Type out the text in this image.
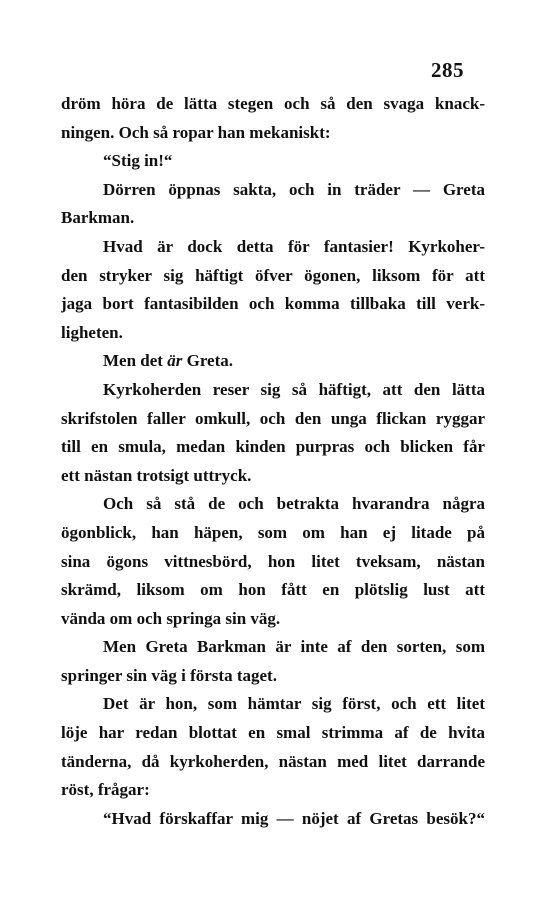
285
dröm höra de lätta stegen och så den svaga knack-
ningen. Och så ropar han mekaniskt:
“Stig in!“
Dörren öppnas sakta, och in träder — Greta
Barkman.
Hvad är dock detta för fantasier! Kyrkoher-
den stryker sig häftigt öfver ögonen, liksom för att
jaga bort fantasibilden och komma tillbaka till verk-
ligheten.
Men det är Greta.
Kyrkoherden reser sig så häftigt, att den lätta
skrifstolen faller omkull, och den unga flickan ryggar
till en smula, medan kinden purpras och blicken får
ett nästan trotsigt uttryck.
Och så stå de och betrakta hvarandra några
ögonblick, han häpen, som om han ej litade på
sina ögons vittnesbörd, hon litet tveksam, nästan
skrämd, liksom om hon fått en plötslig lust att
vända om och springa sin väg.
Men Greta Barkman är inte af den sorten, som
springer sin väg i första taget.
Det är hon, som hämtar sig först, och ett litet
löje har redan blottat en smal strimma af de hvita
tänderna, då kyrkoherden, nästan med litet darrande
röst, frågar:
“Hvad förskaffar mig — nöjet af Gretas besök?“
